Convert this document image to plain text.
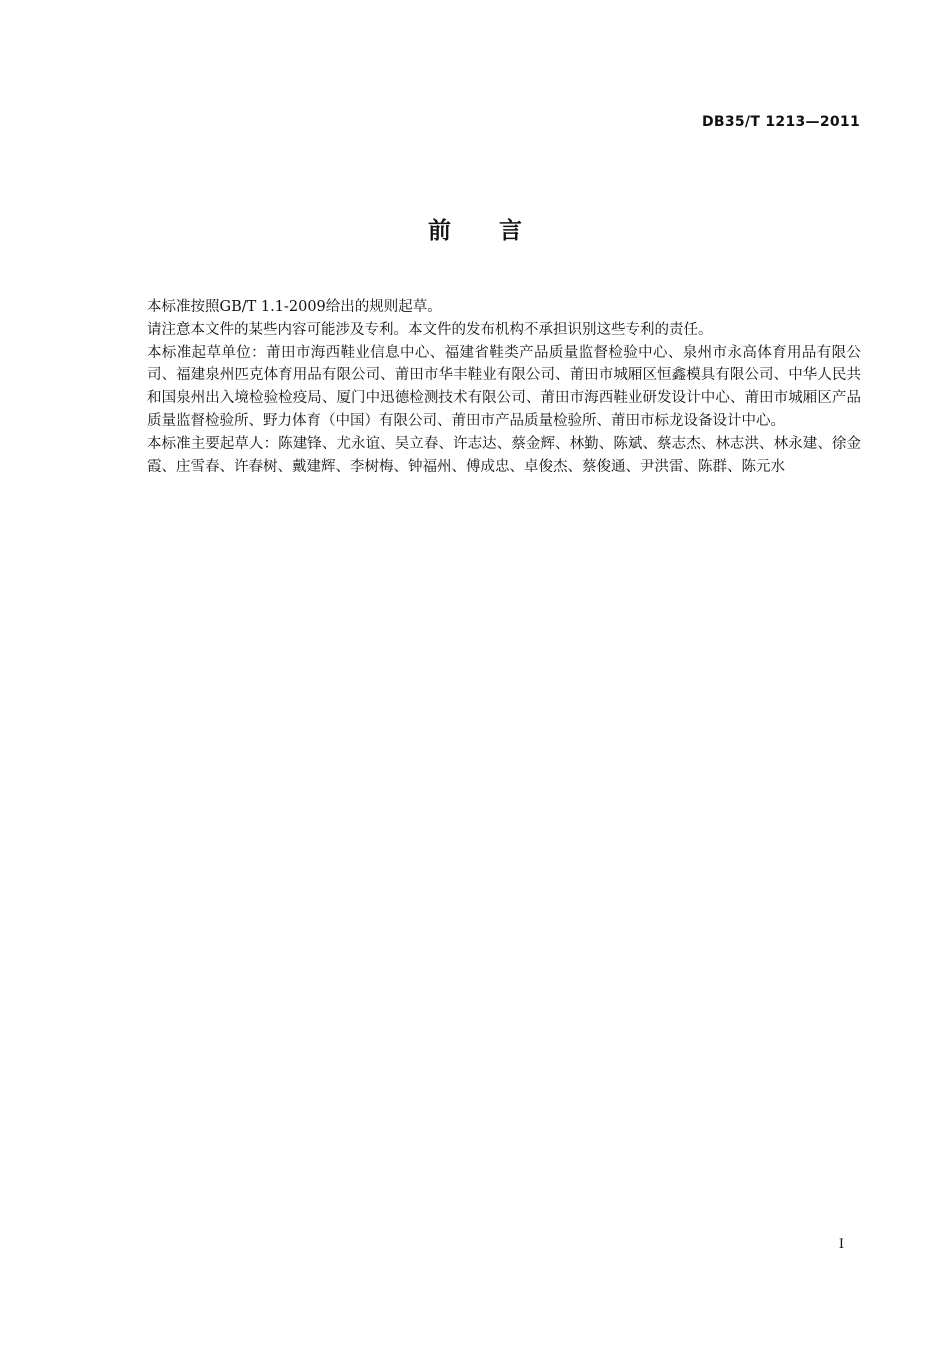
DB35/T 1213—2011
前 言

本标准按照GB/T 1.1-2009给出的规则起草。

请注意本文件的某些内容可能涉及专利。本文件的发布机构不承担识别这些专利的责任。

本标准起草单位：莆田市海西鞋业信息中心、福建省鞋类产品质量监督检验中心、泉州市永高体育用品有限公司、福建泉州匹克体育用品有限公司、莆田市华丰鞋业有限公司、莆田市城厢区恒鑫模具有限公司、中华人民共和国泉州出入境检验检疫局、厦门中迅德检测技术有限公司、莆田市海西鞋业研发设计中心、莆田市城厢区产品质量监督检验所、野力体育（中国）有限公司、莆田市产品质量检验所、莆田市标龙设备设计中心。

本标准主要起草人：陈建锋、尤永谊、吴立春、许志达、蔡金辉、林勤、陈斌、蔡志杰、林志洪、林永建、徐金霞、庄雪春、许春树、戴建辉、李树梅、钟福州、傅成忠、卓俊杰、蔡俊通、尹洪雷、陈群、陈元水

I
